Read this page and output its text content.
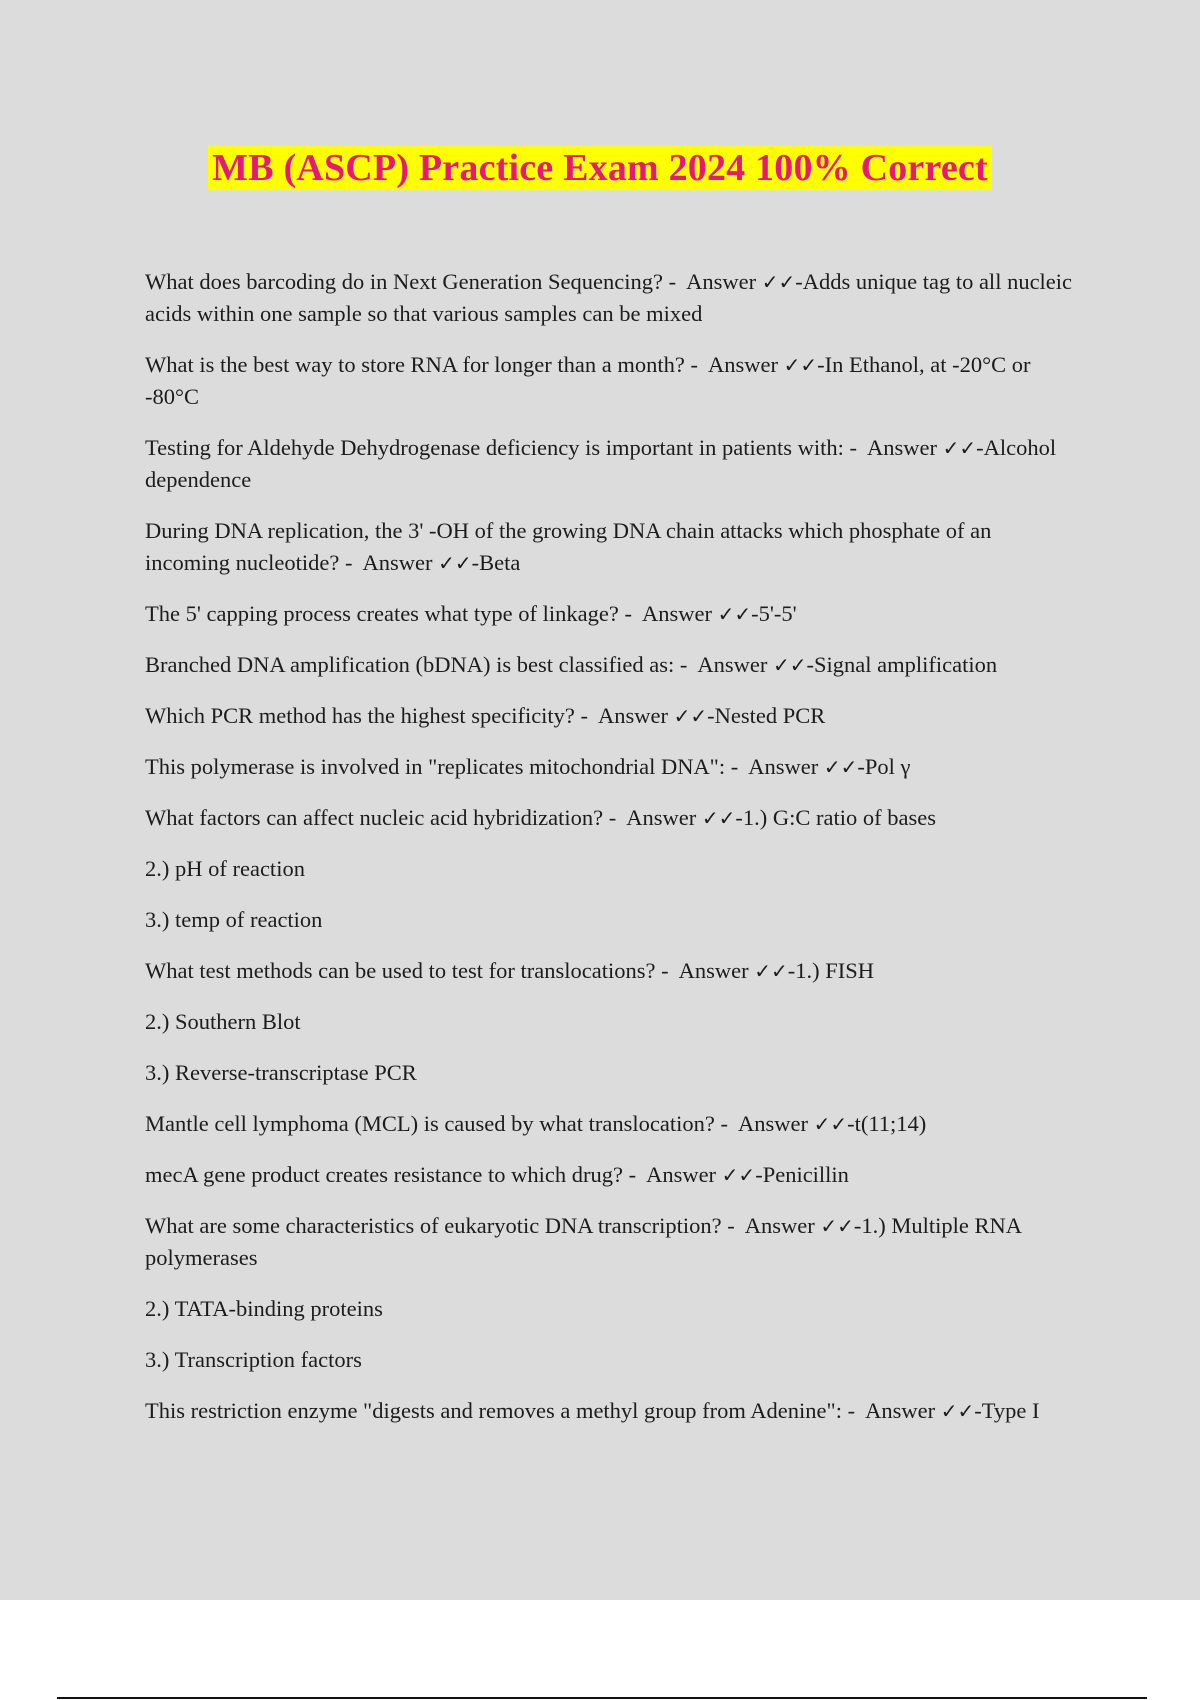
MB (ASCP) Practice Exam 2024 100% Correct
What does barcoding do in Next Generation Sequencing? -  Answer ✓✓-Adds unique tag to all nucleic acids within one sample so that various samples can be mixed
What is the best way to store RNA for longer than a month? -  Answer ✓✓-In Ethanol, at -20°C or -80°C
Testing for Aldehyde Dehydrogenase deficiency is important in patients with: -  Answer ✓✓-Alcohol dependence
During DNA replication, the 3' -OH of the growing DNA chain attacks which phosphate of an incoming nucleotide? -  Answer ✓✓-Beta
The 5' capping process creates what type of linkage? -  Answer ✓✓-5'-5'
Branched DNA amplification (bDNA) is best classified as: -  Answer ✓✓-Signal amplification
Which PCR method has the highest specificity? -  Answer ✓✓-Nested PCR
This polymerase is involved in "replicates mitochondrial DNA": -  Answer ✓✓-Pol γ
What factors can affect nucleic acid hybridization? -  Answer ✓✓-1.) G:C ratio of bases
2.) pH of reaction
3.) temp of reaction
What test methods can be used to test for translocations? -  Answer ✓✓-1.) FISH
2.) Southern Blot
3.) Reverse-transcriptase PCR
Mantle cell lymphoma (MCL) is caused by what translocation? -  Answer ✓✓-t(11;14)
mecA gene product creates resistance to which drug? -  Answer ✓✓-Penicillin
What are some characteristics of eukaryotic DNA transcription? -  Answer ✓✓-1.) Multiple RNA polymerases
2.) TATA-binding proteins
3.) Transcription factors
This restriction enzyme "digests and removes a methyl group from Adenine": -  Answer ✓✓-Type I
